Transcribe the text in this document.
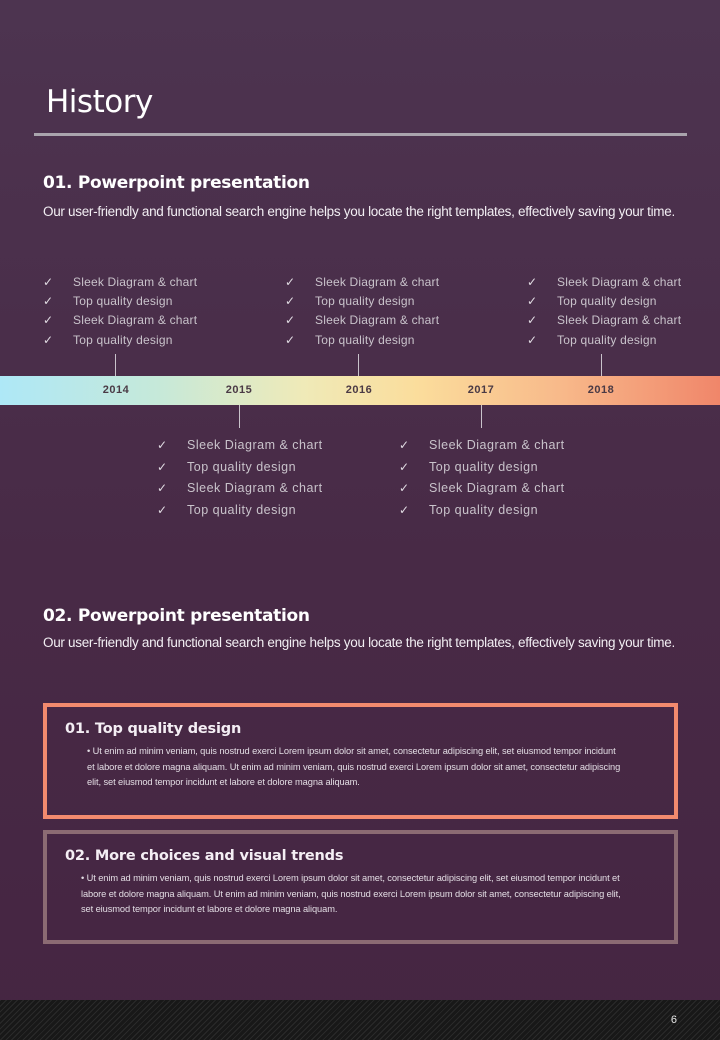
History
01. Powerpoint presentation
Our user-friendly and functional search engine helps you locate the right templates, effectively saving your time.
✓	Sleek Diagram & chart
✓	Top quality design
✓	Sleek Diagram & chart
✓	Top quality design
✓	Sleek Diagram & chart
✓	Top quality design
✓	Sleek Diagram & chart
✓	Top quality design
✓	Sleek Diagram & chart
✓	Top quality design
✓	Sleek Diagram & chart
✓	Top quality design
2014	2015	2016	2017	2018
✓	Sleek Diagram & chart
✓	Top quality design
✓	Sleek Diagram & chart
✓	Top quality design
✓	Sleek Diagram & chart
✓	Top quality design
✓	Sleek Diagram & chart
✓	Top quality design
02. Powerpoint presentation
Our user-friendly and functional search engine helps you locate the right templates, effectively saving your time.
01. Top quality design
• Ut enim ad minim veniam, quis nostrud exerci Lorem ipsum dolor sit amet, consectetur adipiscing elit, set eiusmod tempor incidunt et labore et dolore magna aliquam. Ut enim ad minim veniam, quis nostrud exerci Lorem ipsum dolor sit amet, consectetur adipiscing elit, set eiusmod tempor incidunt et labore et dolore magna aliquam.
02. More choices and visual trends
• Ut enim ad minim veniam, quis nostrud exerci Lorem ipsum dolor sit amet, consectetur adipiscing elit, set eiusmod tempor incidunt et labore et dolore magna aliquam. Ut enim ad minim veniam, quis nostrud exerci Lorem ipsum dolor sit amet, consectetur adipiscing elit, set eiusmod tempor incidunt et labore et dolore magna aliquam.
6
